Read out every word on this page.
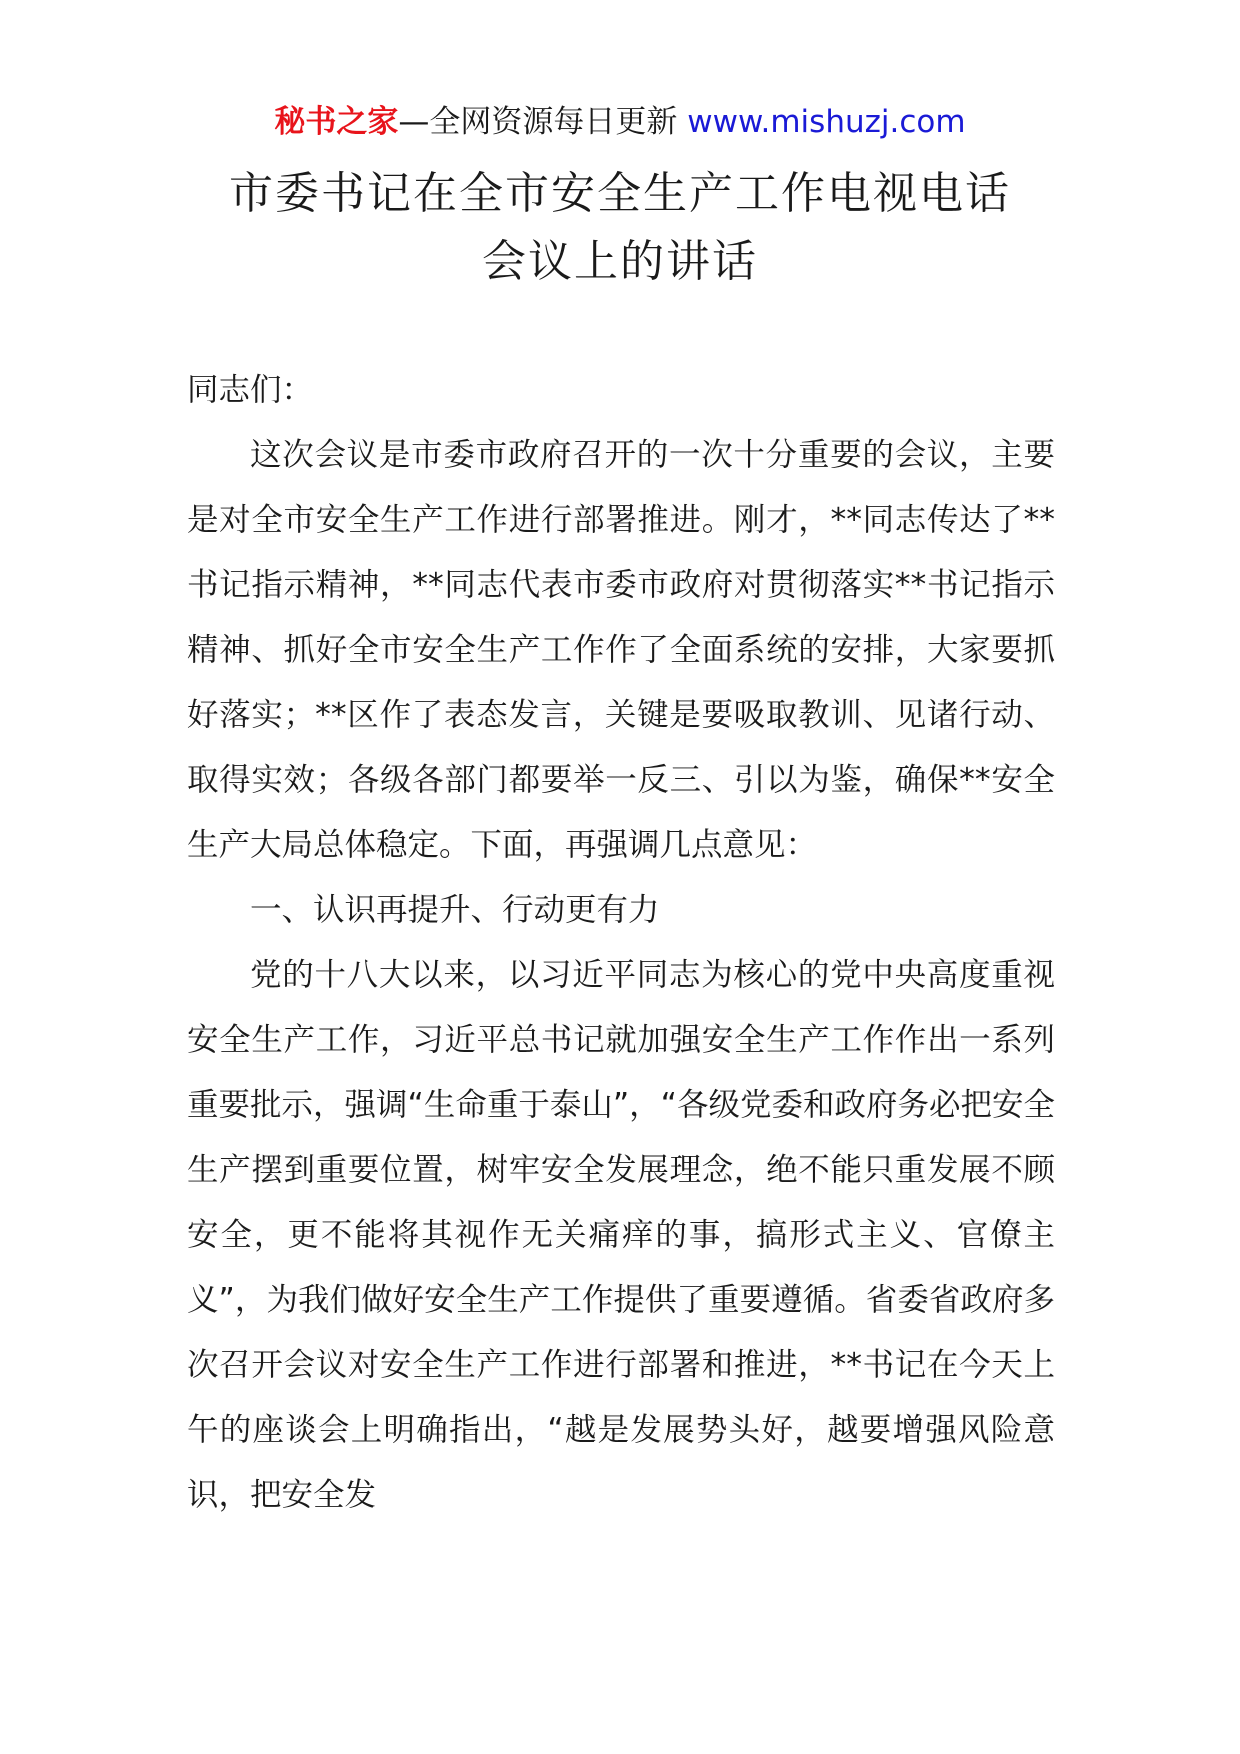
秘书之家—全网资源每日更新 www.mishuzj.com
市委书记在全市安全生产工作电视电话
会议上的讲话

同志们：

这次会议是市委市政府召开的一次十分重要的会议，主要是对全市安全生产工作进行部署推进。刚才，**同志传达了**书记指示精神，**同志代表市委市政府对贯彻落实**书记指示精神、抓好全市安全生产工作作了全面系统的安排，大家要抓好落实；**区作了表态发言，关键是要吸取教训、见诸行动、取得实效；各级各部门都要举一反三、引以为鉴，确保**安全生产大局总体稳定。下面，再强调几点意见：

一、认识再提升、行动更有力

党的十八大以来，以习近平同志为核心的党中央高度重视安全生产工作，习近平总书记就加强安全生产工作作出一系列重要批示，强调“生命重于泰山”，“各级党委和政府务必把安全生产摆到重要位置，树牢安全发展理念，绝不能只重发展不顾安全，更不能将其视作无关痛痒的事，搞形式主义、官僚主义”，为我们做好安全生产工作提供了重要遵循。省委省政府多次召开会议对安全生产工作进行部署和推进，**书记在今天上午的座谈会上明确指出，“越是发展势头好，越要增强风险意识，把安全发
